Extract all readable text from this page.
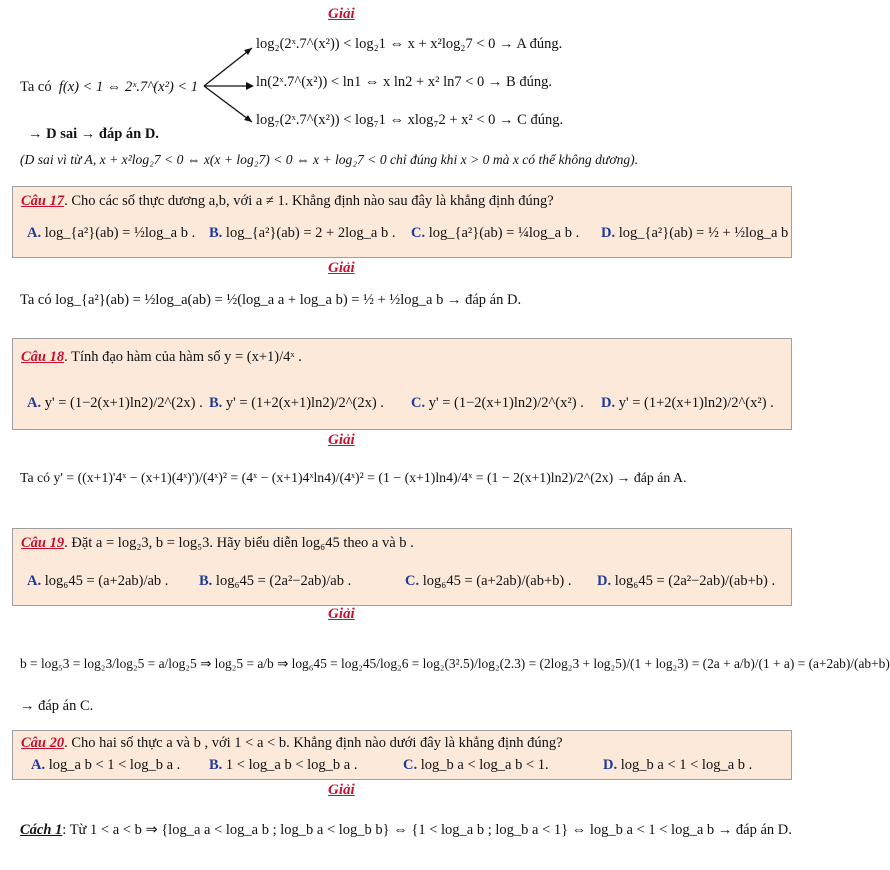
Giải
log₂(2ˣ.7^(x²)) < log₂1 ⇔ x + x²log₂7 < 0 → A đúng.
ln(2ˣ.7^(x²)) < ln1 ⇔ x ln2 + x² ln7 < 0 → B đúng.
log₇(2ˣ.7^(x²)) < log₇1 ⇔ xlog₇2 + x² < 0 → C đúng.
Ta có f(x) < 1 ⇔ 2ˣ.7^(x²) < 1
→ D sai → đáp án D.
(D sai vì từ A, x + x²log₂7 < 0 ⇔ x(x + log₂7) < 0 ⇔ x + log₂7 < 0 chỉ đúng khi x > 0 mà x có thể không dương).
Câu 17. Cho các số thực dương a,b, với a ≠ 1. Khẳng định nào sau đây là khẳng định đúng?
A. log_{a²}(ab) = ½log_a b . B. log_{a²}(ab) = 2 + 2log_a b . C. log_{a²}(ab) = ¼log_a b . D. log_{a²}(ab) = ½ + ½log_a b
Giải
Ta có log_{a²}(ab) = ½log_a(ab) = ½(log_a a + log_a b) = ½ + ½log_a b → đáp án D.
Câu 18. Tính đạo hàm của hàm số y = (x+1)/4ˣ .
A. y' = (1−2(x+1)ln2)/2^(2x) . B. y' = (1+2(x+1)ln2)/2^(2x) . C. y' = (1−2(x+1)ln2)/2^(x²) . D. y' = (1+2(x+1)ln2)/2^(x²) .
Giải
Ta có y' = ((x+1)'4ˣ − (x+1)(4ˣ)')/(4ˣ)² = (4ˣ − (x+1)4ˣln4)/(4ˣ)² = (1 − (x+1)ln4)/4ˣ = (1 − 2(x+1)ln2)/2^(2x) → đáp án A.
Câu 19. Đặt a = log₂3, b = log₅3. Hãy biểu diễn log₆45 theo a và b .
A. log₆45 = (a+2ab)/ab . B. log₆45 = (2a²−2ab)/ab .	C. log₆45 = (a+2ab)/(ab+b) . D. log₆45 = (2a²−2ab)/(ab+b) .
Giải
b = log₅3 = log₂3/log₂5 = a/log₂5 ⇒ log₂5 = a/b ⇒ log₆45 = log₂45/log₂6 = log₂(3².5)/log₂(2.3) = (2log₂3 + log₂5)/(1 + log₂3) = (2a + a/b)/(1 + a) = (a+2ab)/(ab+b)
→ đáp án C.
Câu 20. Cho hai số thực a và b , với 1 < a < b. Khẳng định nào dưới đây là khẳng định đúng?
A. log_a b < 1 < log_b a . B. 1 < log_a b < log_b a .	C. log_b a < log_a b < 1.	D. log_b a < 1 < log_a b .
Giải
Cách 1: Từ 1 < a < b ⇒ {log_a a < log_a b ; log_b a < log_b b} ⇔ {1 < log_a b ; log_b a < 1} ⇔ log_b a < 1 < log_a b → đáp án D.
